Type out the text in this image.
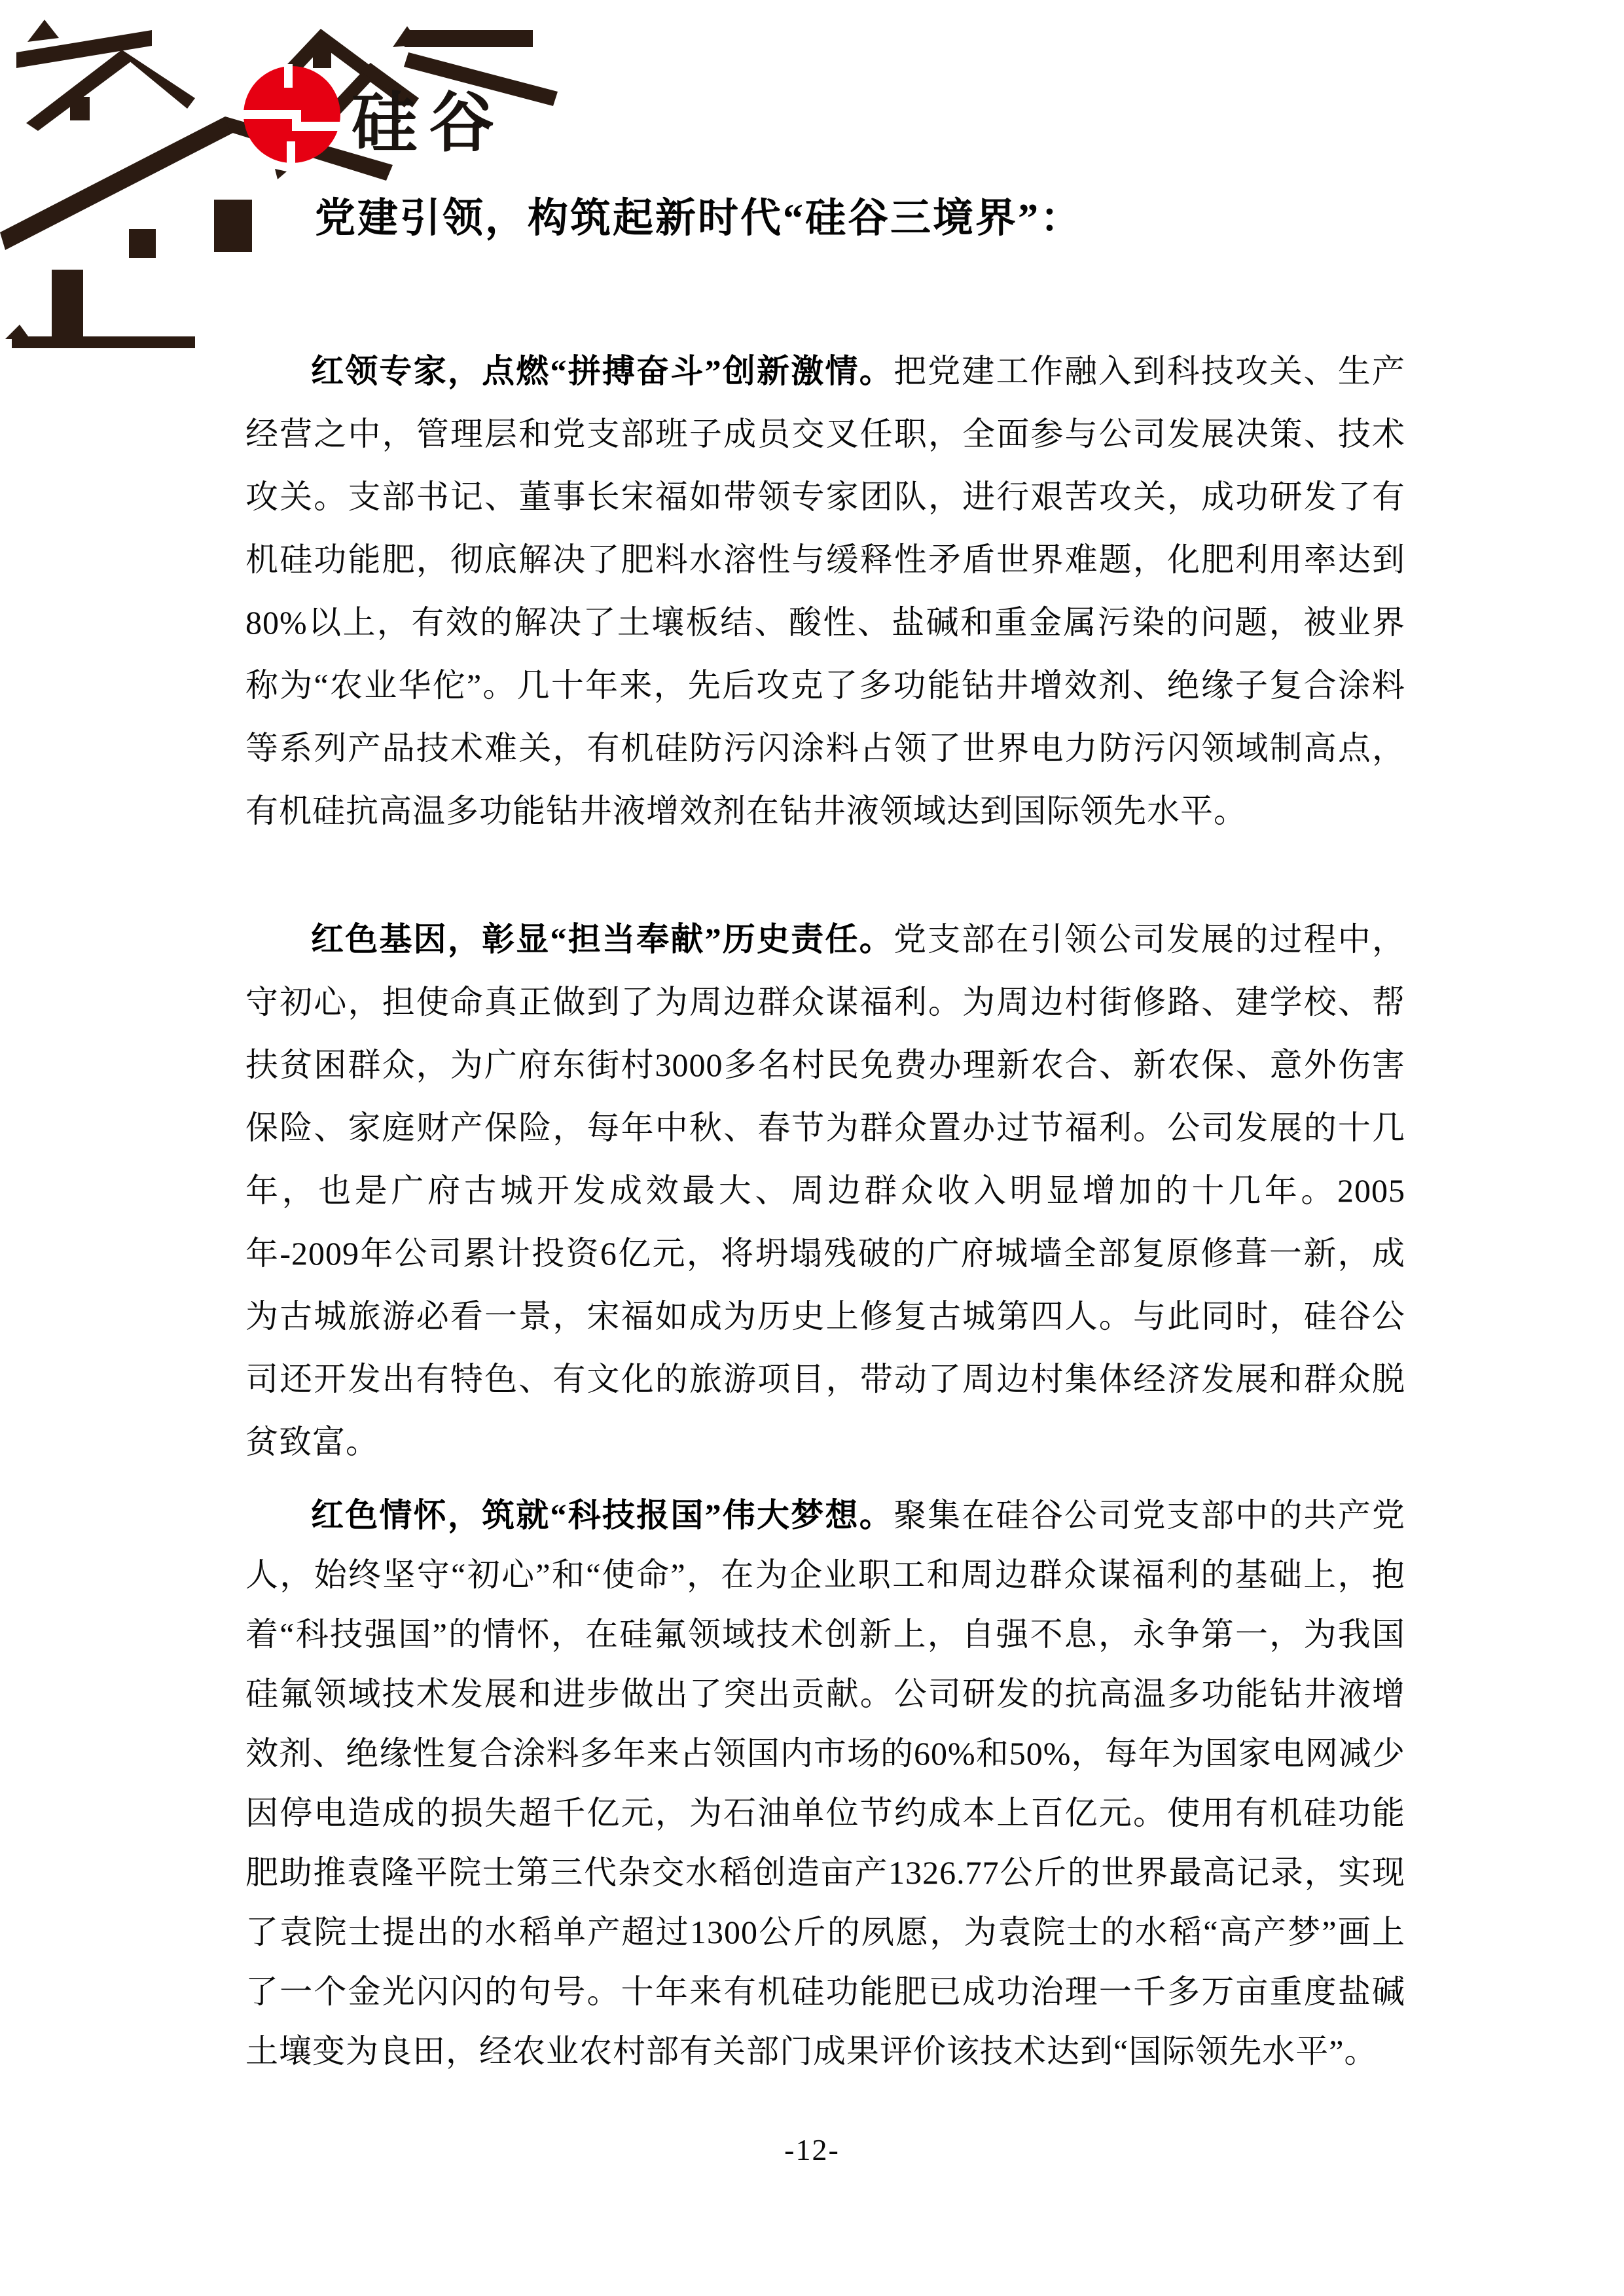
硅谷
党建引领，构筑起新时代“硅谷三境界”：

红领专家，点燃“拼搏奋斗”创新激情。把党建工作融入到科技攻关、生产经营之中，管理层和党支部班子成员交叉任职，全面参与公司发展决策、技术攻关。支部书记、董事长宋福如带领专家团队，进行艰苦攻关，成功研发了有机硅功能肥，彻底解决了肥料水溶性与缓释性矛盾世界难题，化肥利用率达到80%以上，有效的解决了土壤板结、酸性、盐碱和重金属污染的问题，被业界称为“农业华佗”。几十年来，先后攻克了多功能钻井增效剂、绝缘子复合涂料等系列产品技术难关，有机硅防污闪涂料占领了世界电力防污闪领域制高点，有机硅抗高温多功能钻井液增效剂在钻井液领域达到国际领先水平。

红色基因，彰显“担当奉献”历史责任。党支部在引领公司发展的过程中，守初心，担使命真正做到了为周边群众谋福利。为周边村街修路、建学校、帮扶贫困群众，为广府东街村3000多名村民免费办理新农合、新农保、意外伤害保险、家庭财产保险，每年中秋、春节为群众置办过节福利。公司发展的十几年，也是广府古城开发成效最大、周边群众收入明显增加的十几年。2005年-2009年公司累计投资6亿元，将坍塌残破的广府城墙全部复原修葺一新，成为古城旅游必看一景，宋福如成为历史上修复古城第四人。与此同时，硅谷公司还开发出有特色、有文化的旅游项目，带动了周边村集体经济发展和群众脱贫致富。

红色情怀，筑就“科技报国”伟大梦想。聚集在硅谷公司党支部中的共产党人，始终坚守“初心”和“使命”，在为企业职工和周边群众谋福利的基础上，抱着“科技强国”的情怀，在硅氟领域技术创新上，自强不息，永争第一，为我国硅氟领域技术发展和进步做出了突出贡献。公司研发的抗高温多功能钻井液增效剂、绝缘性复合涂料多年来占领国内市场的60%和50%，每年为国家电网减少因停电造成的损失超千亿元，为石油单位节约成本上百亿元。使用有机硅功能肥助推袁隆平院士第三代杂交水稻创造亩产1326.77公斤的世界最高记录，实现了袁院士提出的水稻单产超过1300公斤的夙愿，为袁院士的水稻“高产梦”画上了一个金光闪闪的句号。十年来有机硅功能肥已成功治理一千多万亩重度盐碱土壤变为良田，经农业农村部有关部门成果评价该技术达到“国际领先水平”。

-12-
